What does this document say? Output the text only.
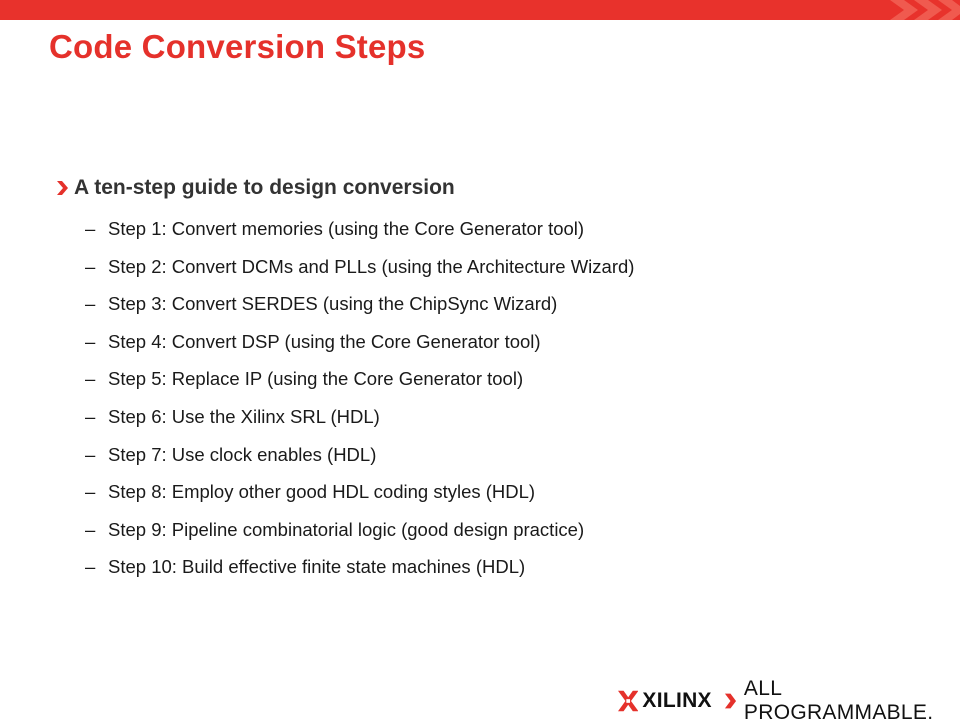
Code Conversion Steps
A ten-step guide to design conversion
– Step 1: Convert memories (using the Core Generator tool)
– Step 2: Convert DCMs and PLLs (using the Architecture Wizard)
– Step 3: Convert SERDES (using the ChipSync Wizard)
– Step 4: Convert DSP (using the Core Generator tool)
– Step 5: Replace IP (using the Core Generator tool)
– Step 6: Use the Xilinx SRL (HDL)
– Step 7: Use clock enables (HDL)
– Step 8: Employ other good HDL coding styles (HDL)
– Step 9: Pipeline combinatorial logic (good design practice)
– Step 10: Build effective finite state machines (HDL)
XILINX
ALL PROGRAMMABLE.
